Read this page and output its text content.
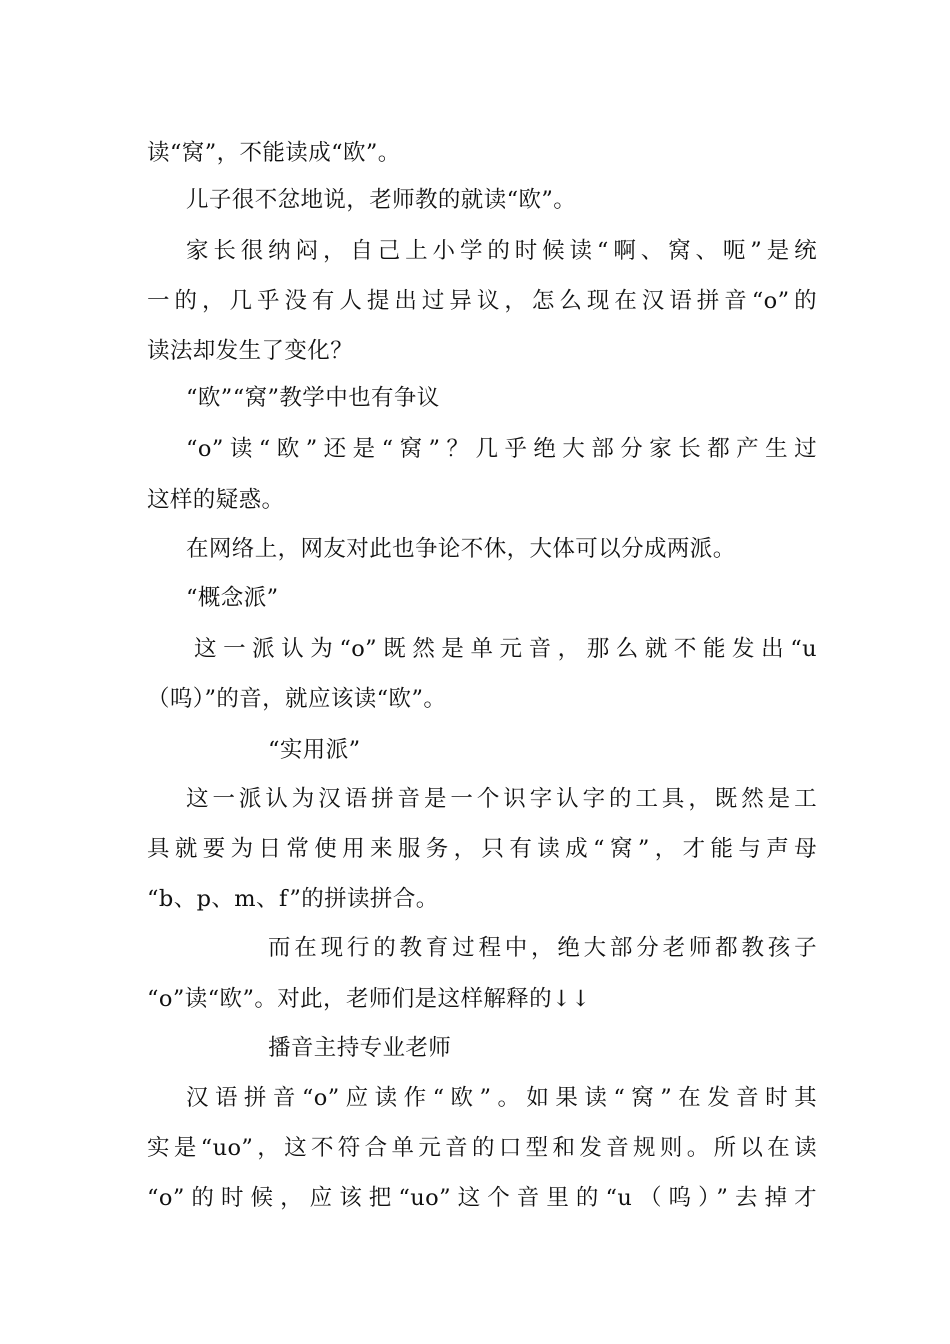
读“窝”，不能读成“欧”。
儿子很不忿地说，老师教的就读“欧”。
家长很纳闷，自己上小学的时候读“啊、窝、呃”是统
一的，几乎没有人提出过异议，怎么现在汉语拼音“o”的
读法却发生了变化？
“欧”“窝”教学中也有争议
“o”读“欧”还是“窝”？几乎绝大部分家长都产生过
这样的疑惑。
在网络上，网友对此也争论不休，大体可以分成两派。
“概念派”
这一派认为“o”既然是单元音，那么就不能发出“u
（呜）”的音，就应该读“欧”。
“实用派”
这一派认为汉语拼音是一个识字认字的工具，既然是工
具就要为日常使用来服务，只有读成“窝”，才能与声母
“b、p、m、f”的拼读拼合。
而在现行的教育过程中，绝大部分老师都教孩子
“o”读“欧”。对此，老师们是这样解释的↓↓
播音主持专业老师
汉语拼音“o”应读作“欧”。如果读“窝”在发音时其
实是“uo”，这不符合单元音的口型和发音规则。所以在读
“o”的时候，应该把“uo”这个音里的“u（呜）”去掉才
